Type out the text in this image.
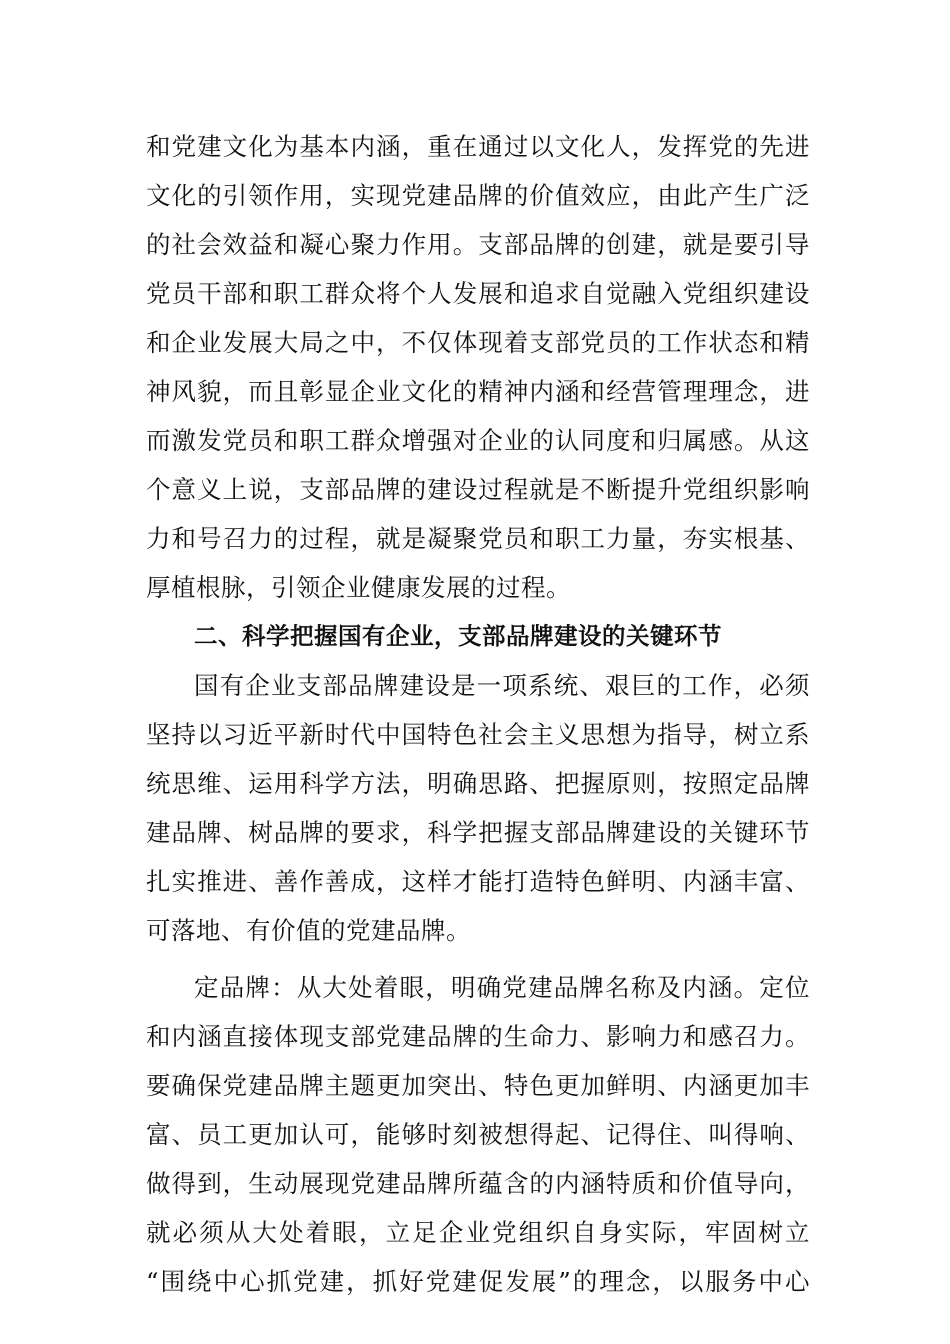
和党建文化为基本内涵，重在通过以文化人，发挥党的先进
文化的引领作用，实现党建品牌的价值效应，由此产生广泛
的社会效益和凝心聚力作用。支部品牌的创建，就是要引导
党员干部和职工群众将个人发展和追求自觉融入党组织建设
和企业发展大局之中，不仅体现着支部党员的工作状态和精
神风貌，而且彰显企业文化的精神内涵和经营管理理念，进
而激发党员和职工群众增强对企业的认同度和归属感。从这
个意义上说，支部品牌的建设过程就是不断提升党组织影响
力和号召力的过程，就是凝聚党员和职工力量，夯实根基、
厚植根脉，引领企业健康发展的过程。
二、科学把握国有企业，支部品牌建设的关键环节
国有企业支部品牌建设是一项系统、艰巨的工作，必须
坚持以习近平新时代中国特色社会主义思想为指导，树立系
统思维、运用科学方法，明确思路、把握原则，按照定品牌
建品牌、树品牌的要求，科学把握支部品牌建设的关键环节
扎实推进、善作善成，这样才能打造特色鲜明、内涵丰富、
可落地、有价值的党建品牌。
定品牌：从大处着眼，明确党建品牌名称及内涵。定位
和内涵直接体现支部党建品牌的生命力、影响力和感召力。
要确保党建品牌主题更加突出、特色更加鲜明、内涵更加丰
富、员工更加认可，能够时刻被想得起、记得住、叫得响、
做得到，生动展现党建品牌所蕴含的内涵特质和价值导向，
就必须从大处着眼，立足企业党组织自身实际，牢固树立
“围绕中心抓党建，抓好党建促发展”的理念，以服务中心
